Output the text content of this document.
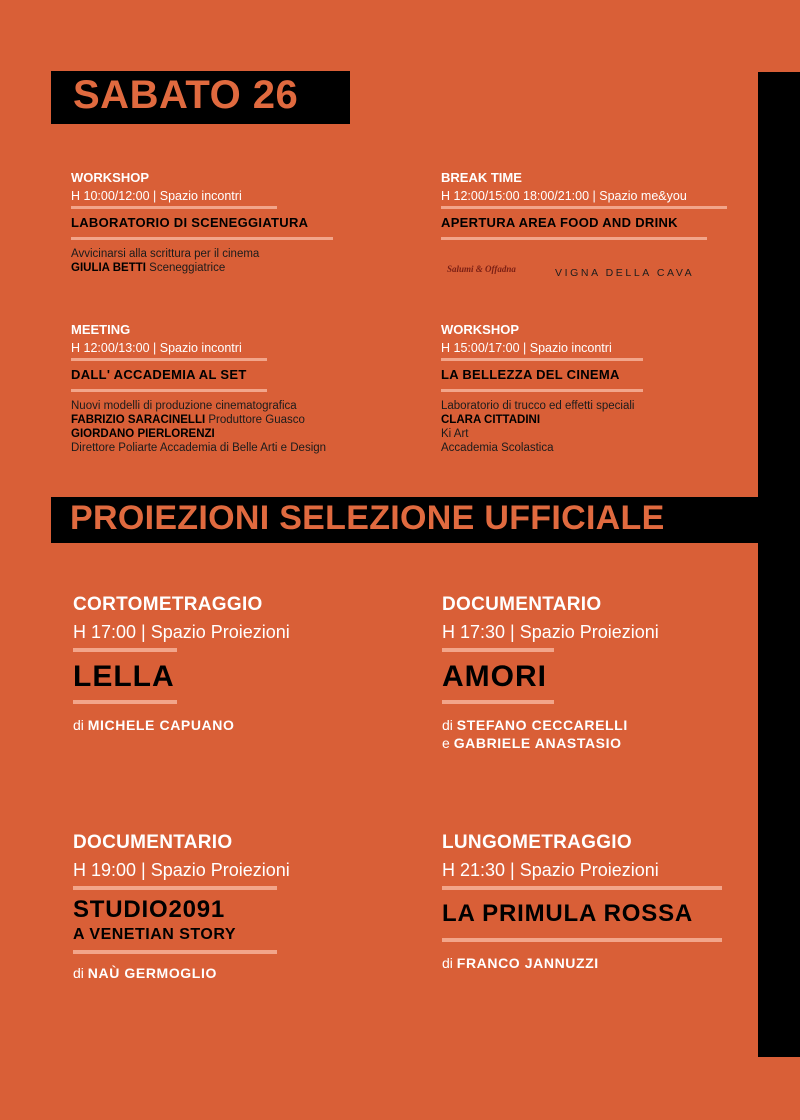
SABATO 26
WORKSHOP
H 10:00/12:00 | Spazio incontri
LABORATORIO DI SCENEGGIATURA
Avvicinarsi alla scrittura per il cinema
GIULIA BETTI Sceneggiatrice
BREAK TIME
H 12:00/15:00 18:00/21:00 | Spazio me&you
APERTURA AREA FOOD AND DRINK
Salumi & Offadna	VIGNA DELLA CAVA
MEETING
H 12:00/13:00 | Spazio incontri
DALL' ACCADEMIA AL SET
Nuovi modelli di produzione cinematografica
FABRIZIO SARACINELLI Produttore Guasco
GIORDANO PIERLORENZI
Direttore Poliarte Accademia di Belle Arti e Design
WORKSHOP
H 15:00/17:00 | Spazio incontri
LA BELLEZZA DEL CINEMA
Laboratorio di trucco ed effetti speciali
CLARA CITTADINI
Ki Art
Accademia Scolastica
PROIEZIONI SELEZIONE UFFICIALE
CORTOMETRAGGIO
H 17:00 | Spazio Proiezioni
LELLA
di MICHELE CAPUANO
DOCUMENTARIO
H 17:30 | Spazio Proiezioni
AMORI
di STEFANO CECCARELLI
e GABRIELE ANASTASIO
DOCUMENTARIO
H 19:00 | Spazio Proiezioni
STUDIO2091
A VENETIAN STORY
di NAÙ GERMOGLIO
LUNGOMETRAGGIO
H 21:30 | Spazio Proiezioni
LA PRIMULA ROSSA
di FRANCO JANNUZZI
